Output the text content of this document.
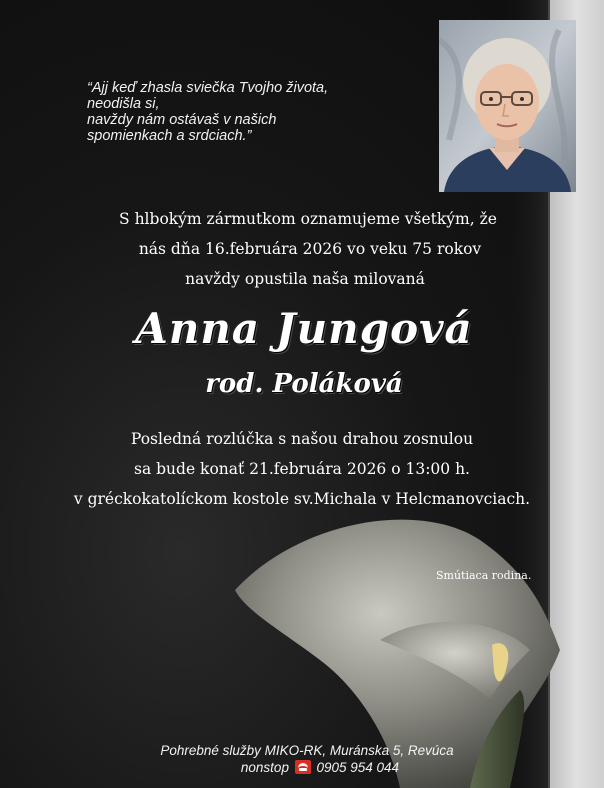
“Ajj keď zhasla sviečka Tvojho života,
neodišla si,
navždy nám ostávaš v našich
spomienkach a srdciach.”
S hlbokým zármutkom oznamujeme všetkým, že
nás dňa 16.februára 2026 vo veku 75 rokov
navždy opustila naša milovaná
Anna Jungová
rod. Poláková
Posledná rozlúčka s našou drahou zosnulou
sa bude konať 21.februára 2026 o 13:00 h.
v gréckokatolíckom kostole sv.Michala v Helcmanovciach.
Smútiaca rodina.
Pohrebné služby MIKO-RK, Muránska 5, Revúca
nonstop 0905 954 044
